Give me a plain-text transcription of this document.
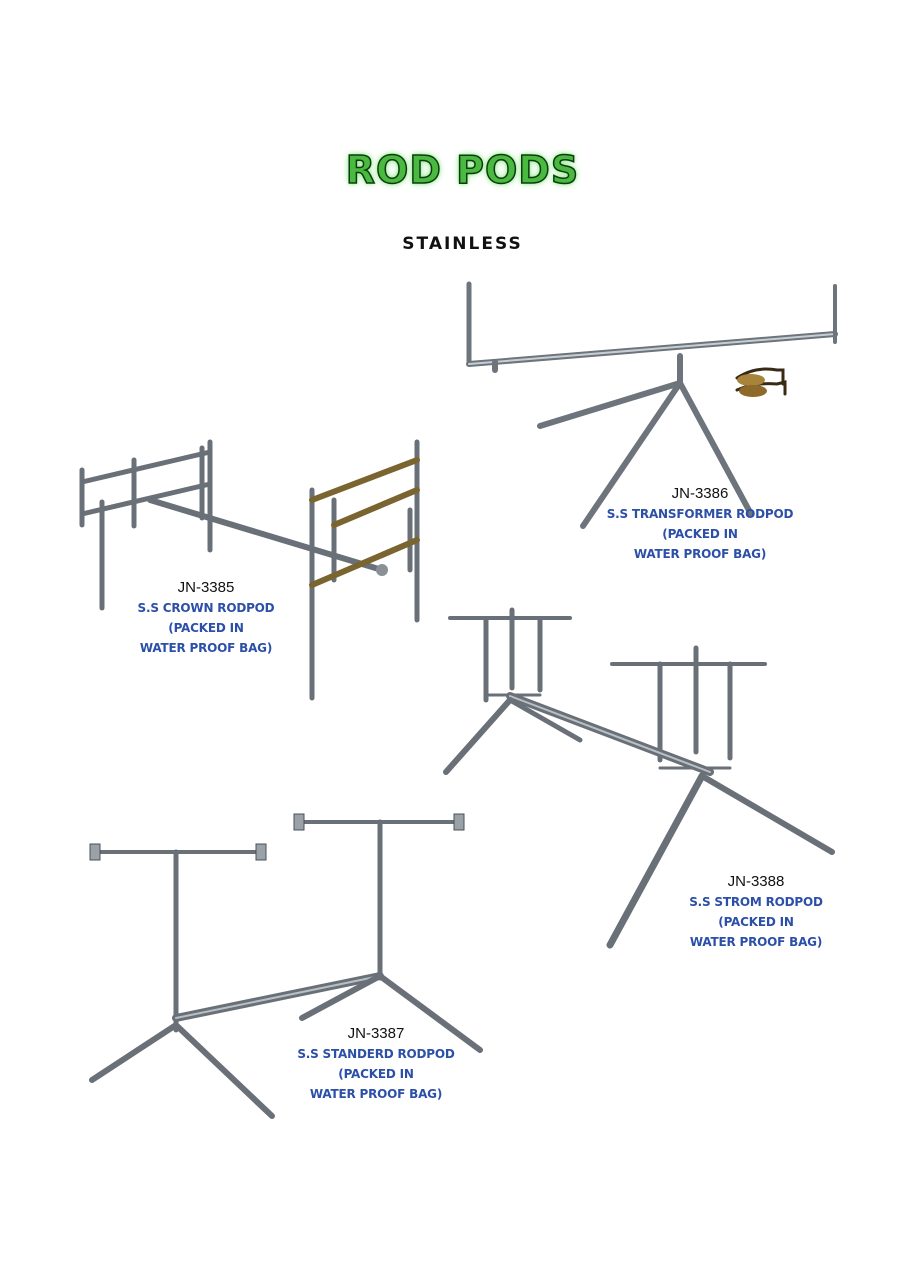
ROD PODS
STAINLESS
JN-3386
S.S TRANSFORMER RODPOD
(PACKED IN
WATER PROOF BAG)
JN-3385
S.S CROWN RODPOD
(PACKED IN
WATER PROOF BAG)
JN-3388
S.S STROM RODPOD
(PACKED IN
WATER PROOF BAG)
JN-3387
S.S STANDERD RODPOD
(PACKED IN
WATER PROOF BAG)
